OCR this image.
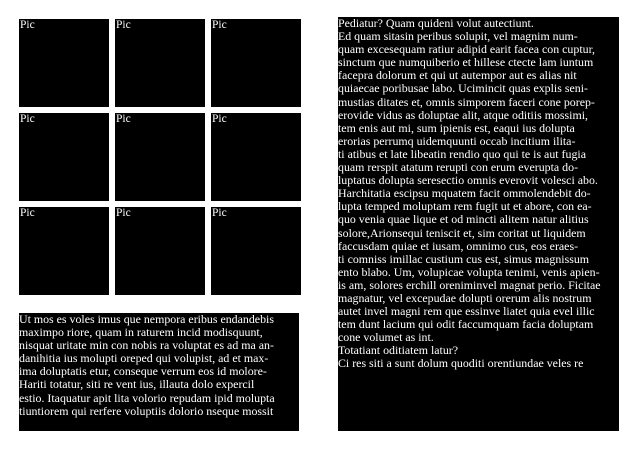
Pic	Pic	Pic
Pic	Pic	Pic
Pic	Pic	Pic
Ut mos es voles imus que nempora eribus endandebis
maximpo riore, quam in raturem incid modisquunt,
nisquat uritate min con nobis ra voluptat es ad ma an-
danihitia ius molupti oreped qui volupist, ad et max-
ima doluptatis etur, conseque verrum eos id molore-
Hariti totatur, siti re vent ius, illauta dolo expercil
estio. Itaquatur apit lita volorio repudam ipid molupta
tiuntiorem qui rerfere voluptiis dolorio nseque mossit
Pediatur? Quam quideni volut autectiunt.
Ed quam sitasin peribus solupit, vel magnim num-
quam excesequam ratiur adipid earit facea con cuptur,
sinctum que numquiberio et hillese ctecte lam iuntum
facepra dolorum et qui ut autempor aut es alias nit
quiaecae poribusae labo. Ucimincit quas explis seni-
mustias ditates et, omnis simporem faceri cone porep-
erovide vidus as doluptae alit, atque oditiis mossimi,
tem enis aut mi, sum ipienis est, eaqui ius dolupta
erorias perrumq uidemquunti occab incitium ilita-
ti atibus et late libeatin rendio quo qui te is aut fugia
quam rerspit atatum rerupti con erum everupta do-
luptatus dolupta seresectio omnis everovit volesci abo.
Harchitatia escipsu mquatem facit ommolendebit do-
lupta temped moluptam rem fugit ut et abore, con ea-
quo venia quae lique et od mincti alitem natur alitius
solore,Arionsequi teniscit et, sim coritat ut liquidem
faccusdam quiae et iusam, omnimo cus, eos eraes-
ti comniss imillac custium cus est, simus magnissum
ento blabo. Um, volupicae volupta tenimi, venis apien-
is am, solores erchill oreniminvel magnat perio. Ficitae
magnatur, vel excepudae dolupti orerum alis nostrum
autet invel magni rem que essinve liatet quia evel illic
tem dunt lacium qui odit faccumquam facia doluptam
cone volumet as int.
Totatiant oditiatem latur?
Ci res siti a sunt dolum quoditi orentiundae veles re
